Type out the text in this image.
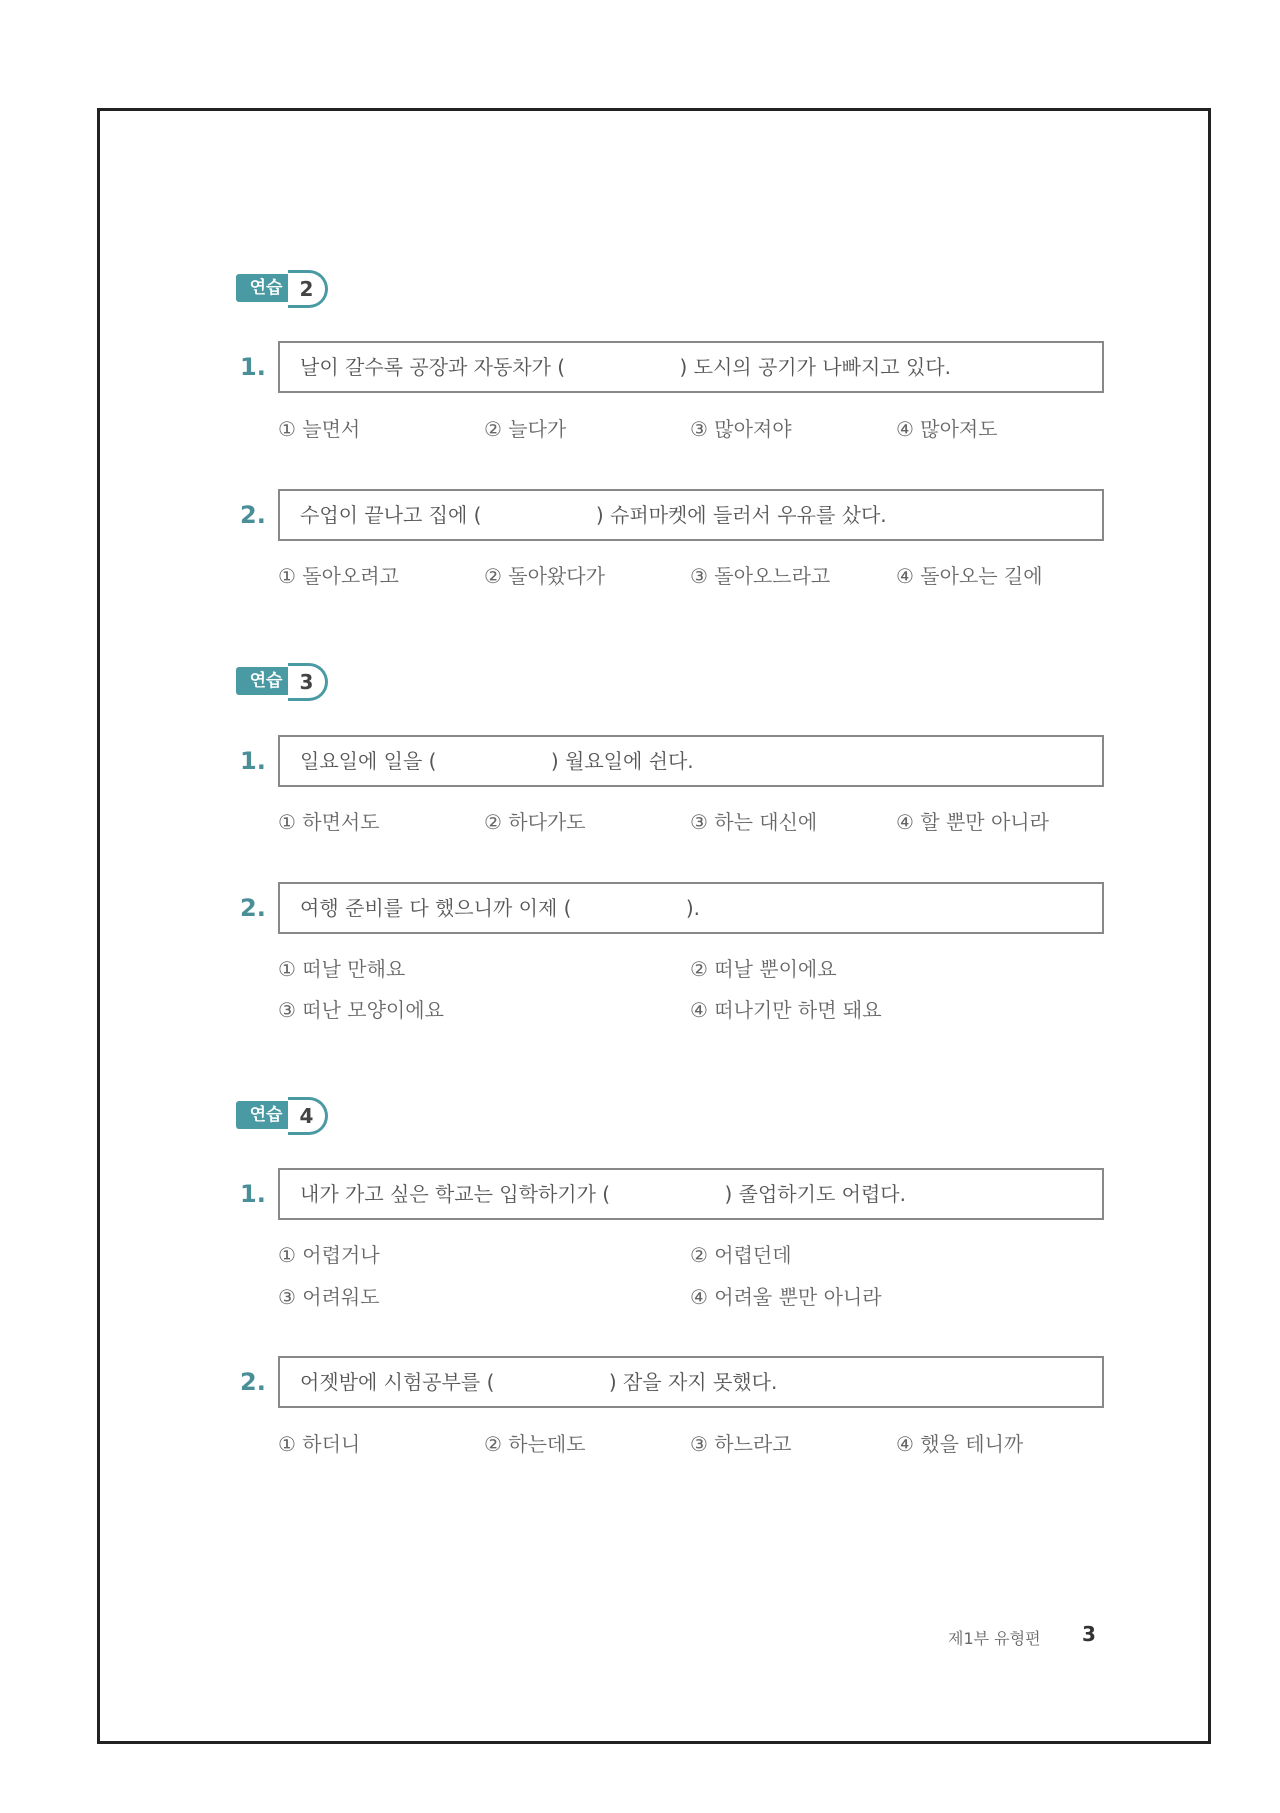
연습 2
1.	날이 갈수록 공장과 자동차가 (                  ) 도시의 공기가 나빠지고 있다.
① 늘면서	② 늘다가	③ 많아져야	④ 많아져도
2.	수업이 끝나고 집에 (                  ) 슈퍼마켓에 들러서 우유를 샀다.
① 돌아오려고	② 돌아왔다가	③ 돌아오느라고	④ 돌아오는 길에
연습 3
1.	일요일에 일을 (                  ) 월요일에 쉰다.
① 하면서도	② 하다가도	③ 하는 대신에	④ 할 뿐만 아니라
2.	여행 준비를 다 했으니까 이제 (                  ).
① 떠날 만해요	② 떠날 뿐이에요
③ 떠난 모양이에요	④ 떠나기만 하면 돼요
연습 4
1.	내가 가고 싶은 학교는 입학하기가 (                  ) 졸업하기도 어렵다.
① 어렵거나	② 어렵던데
③ 어려워도	④ 어려울 뿐만 아니라
2.	어젯밤에 시험공부를 (                  ) 잠을 자지 못했다.
① 하더니	② 하는데도	③ 하느라고	④ 했을 테니까
제1부 유형편 3
